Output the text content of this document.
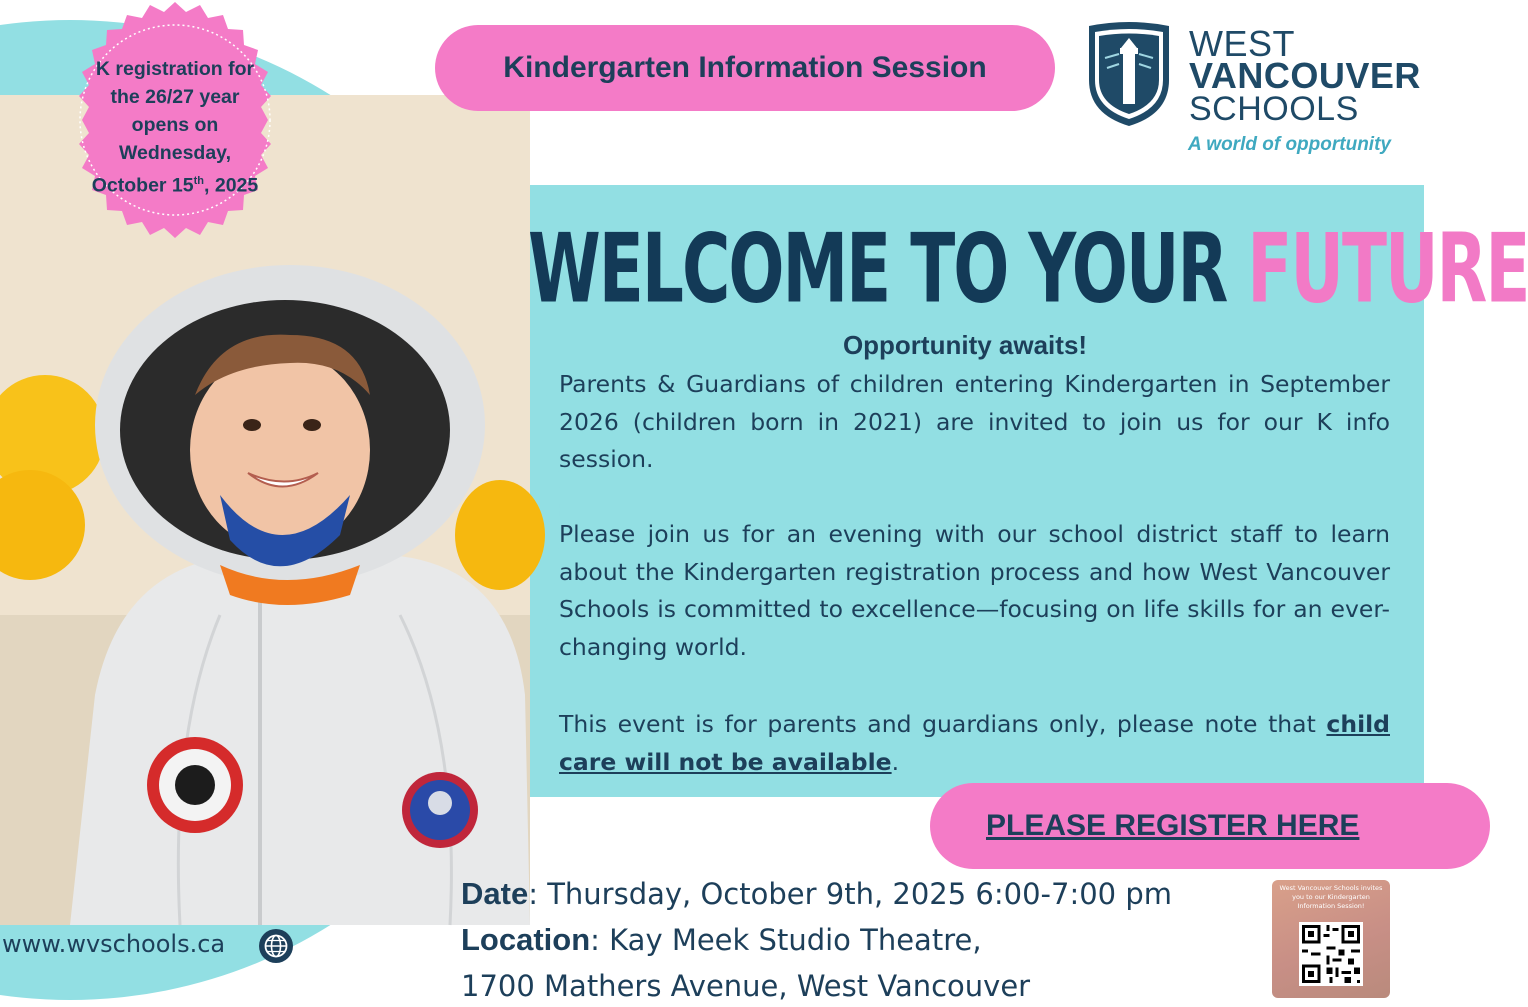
K registration for
the 26/27 year
opens on
Wednesday,
October 15th, 2025
Kindergarten Information Session
WEST
VANCOUVER
SCHOOLS
A world of opportunity
WELCOME TO YOUR FUTURE
Opportunity awaits!
Parents & Guardians of children entering Kindergarten in September 2026 (children born in 2021) are invited to join us for our K info session.
Please join us for an evening with our school district staff to learn about the Kindergarten registration process and how West Vancouver Schools is committed to excellence—focusing on life skills for an ever-changing world.
This event is for parents and guardians only, please note that child care will not be available.
PLEASE REGISTER HERE
Date: Thursday, October 9th, 2025 6:00-7:00 pm
Location: Kay Meek Studio Theatre,
1700 Mathers Avenue, West Vancouver
West Vancouver Schools invites you to our Kindergarten Information Session!
www.wvschools.ca
